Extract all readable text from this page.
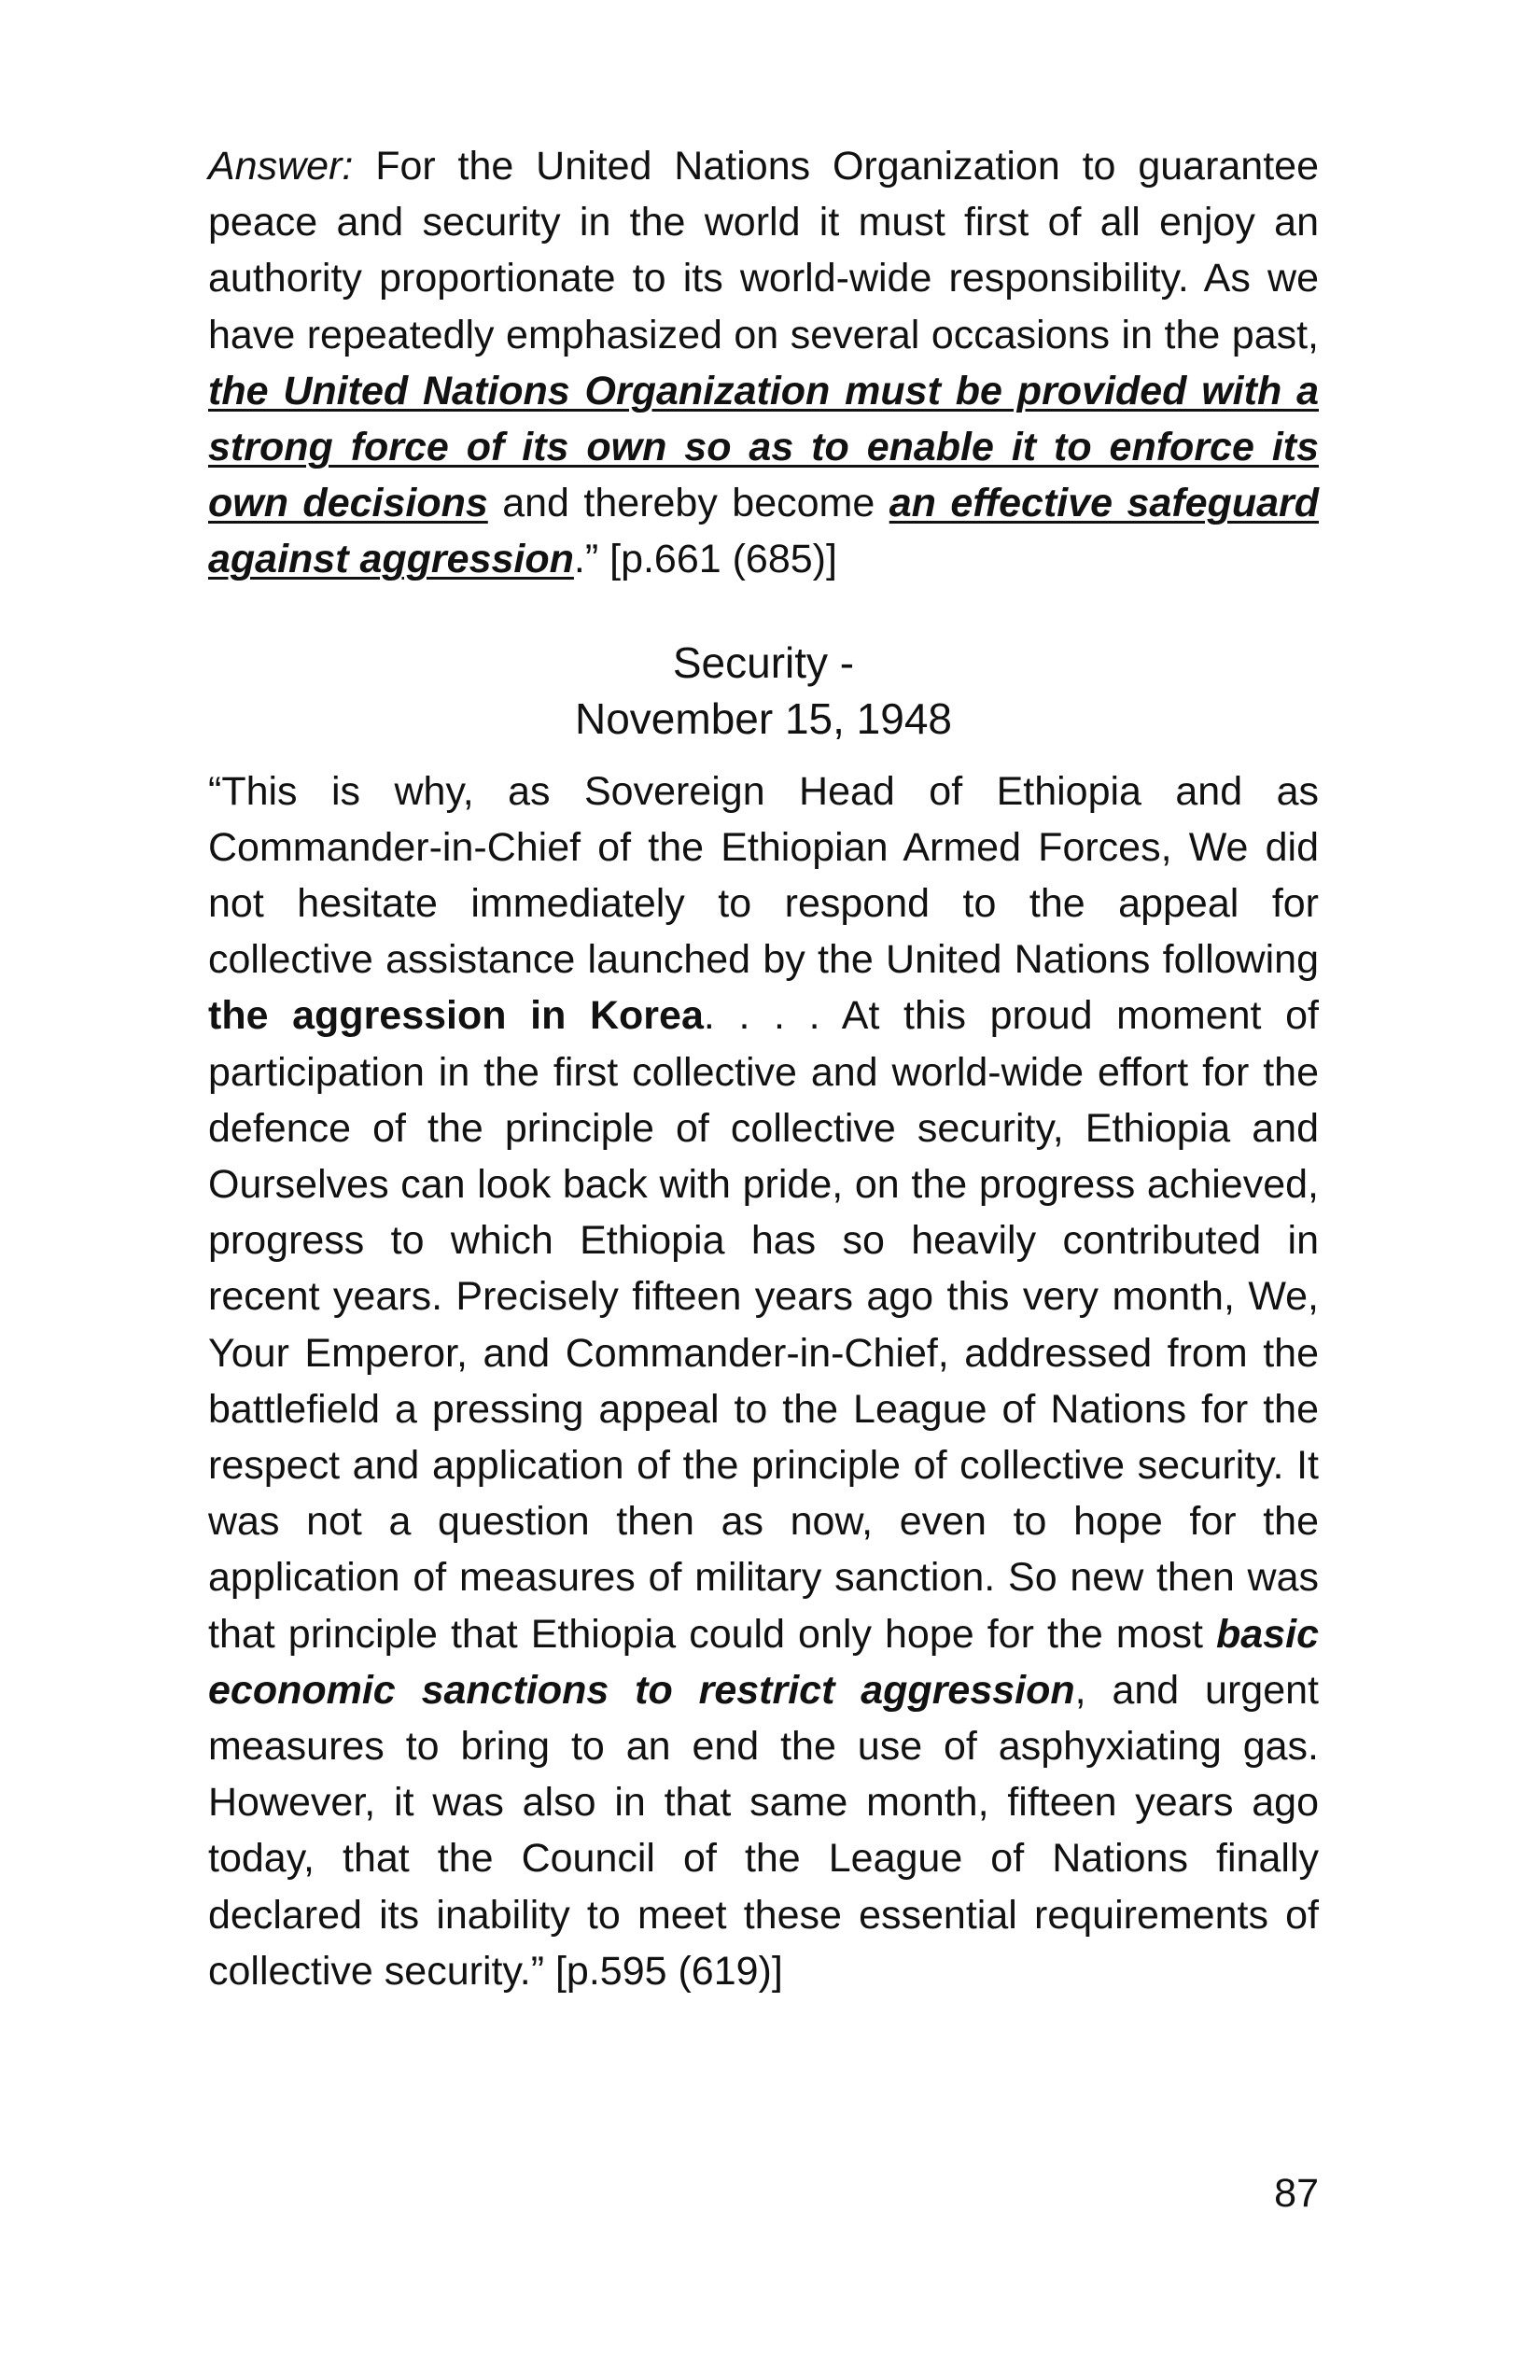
Answer: For the United Nations Organization to guarantee peace and security in the world it must first of all enjoy an authority proportionate to its world-wide responsibility. As we have repeatedly emphasized on several occasions in the past, the United Nations Organization must be provided with a strong force of its own so as to enable it to enforce its own decisions and thereby become an effective safeguard against aggression.” [p.661 (685)]

Security -

November 15, 1948

“This is why, as Sovereign Head of Ethiopia and as Commander-in-Chief of the Ethiopian Armed Forces, We did not hesitate immediately to respond to the appeal for collective assistance launched by the United Nations following the aggression in Korea. . . . At this proud moment of participation in the first collective and world-wide effort for the defence of the principle of collective security, Ethiopia and Ourselves can look back with pride, on the progress achieved, progress to which Ethiopia has so heavily contributed in recent years. Precisely fifteen years ago this very month, We, Your Emperor, and Commander-in-Chief, addressed from the battlefield a pressing appeal to the League of Nations for the respect and application of the principle of collective security. It was not a question then as now, even to hope for the application of measures of military sanction. So new then was that principle that Ethiopia could only hope for the most basic economic sanctions to restrict aggression, and urgent measures to bring to an end the use of asphyxiating gas. However, it was also in that same month, fifteen years ago today, that the Council of the League of Nations finally declared its inability to meet these essential requirements of collective security.” [p.595 (619)]

87
